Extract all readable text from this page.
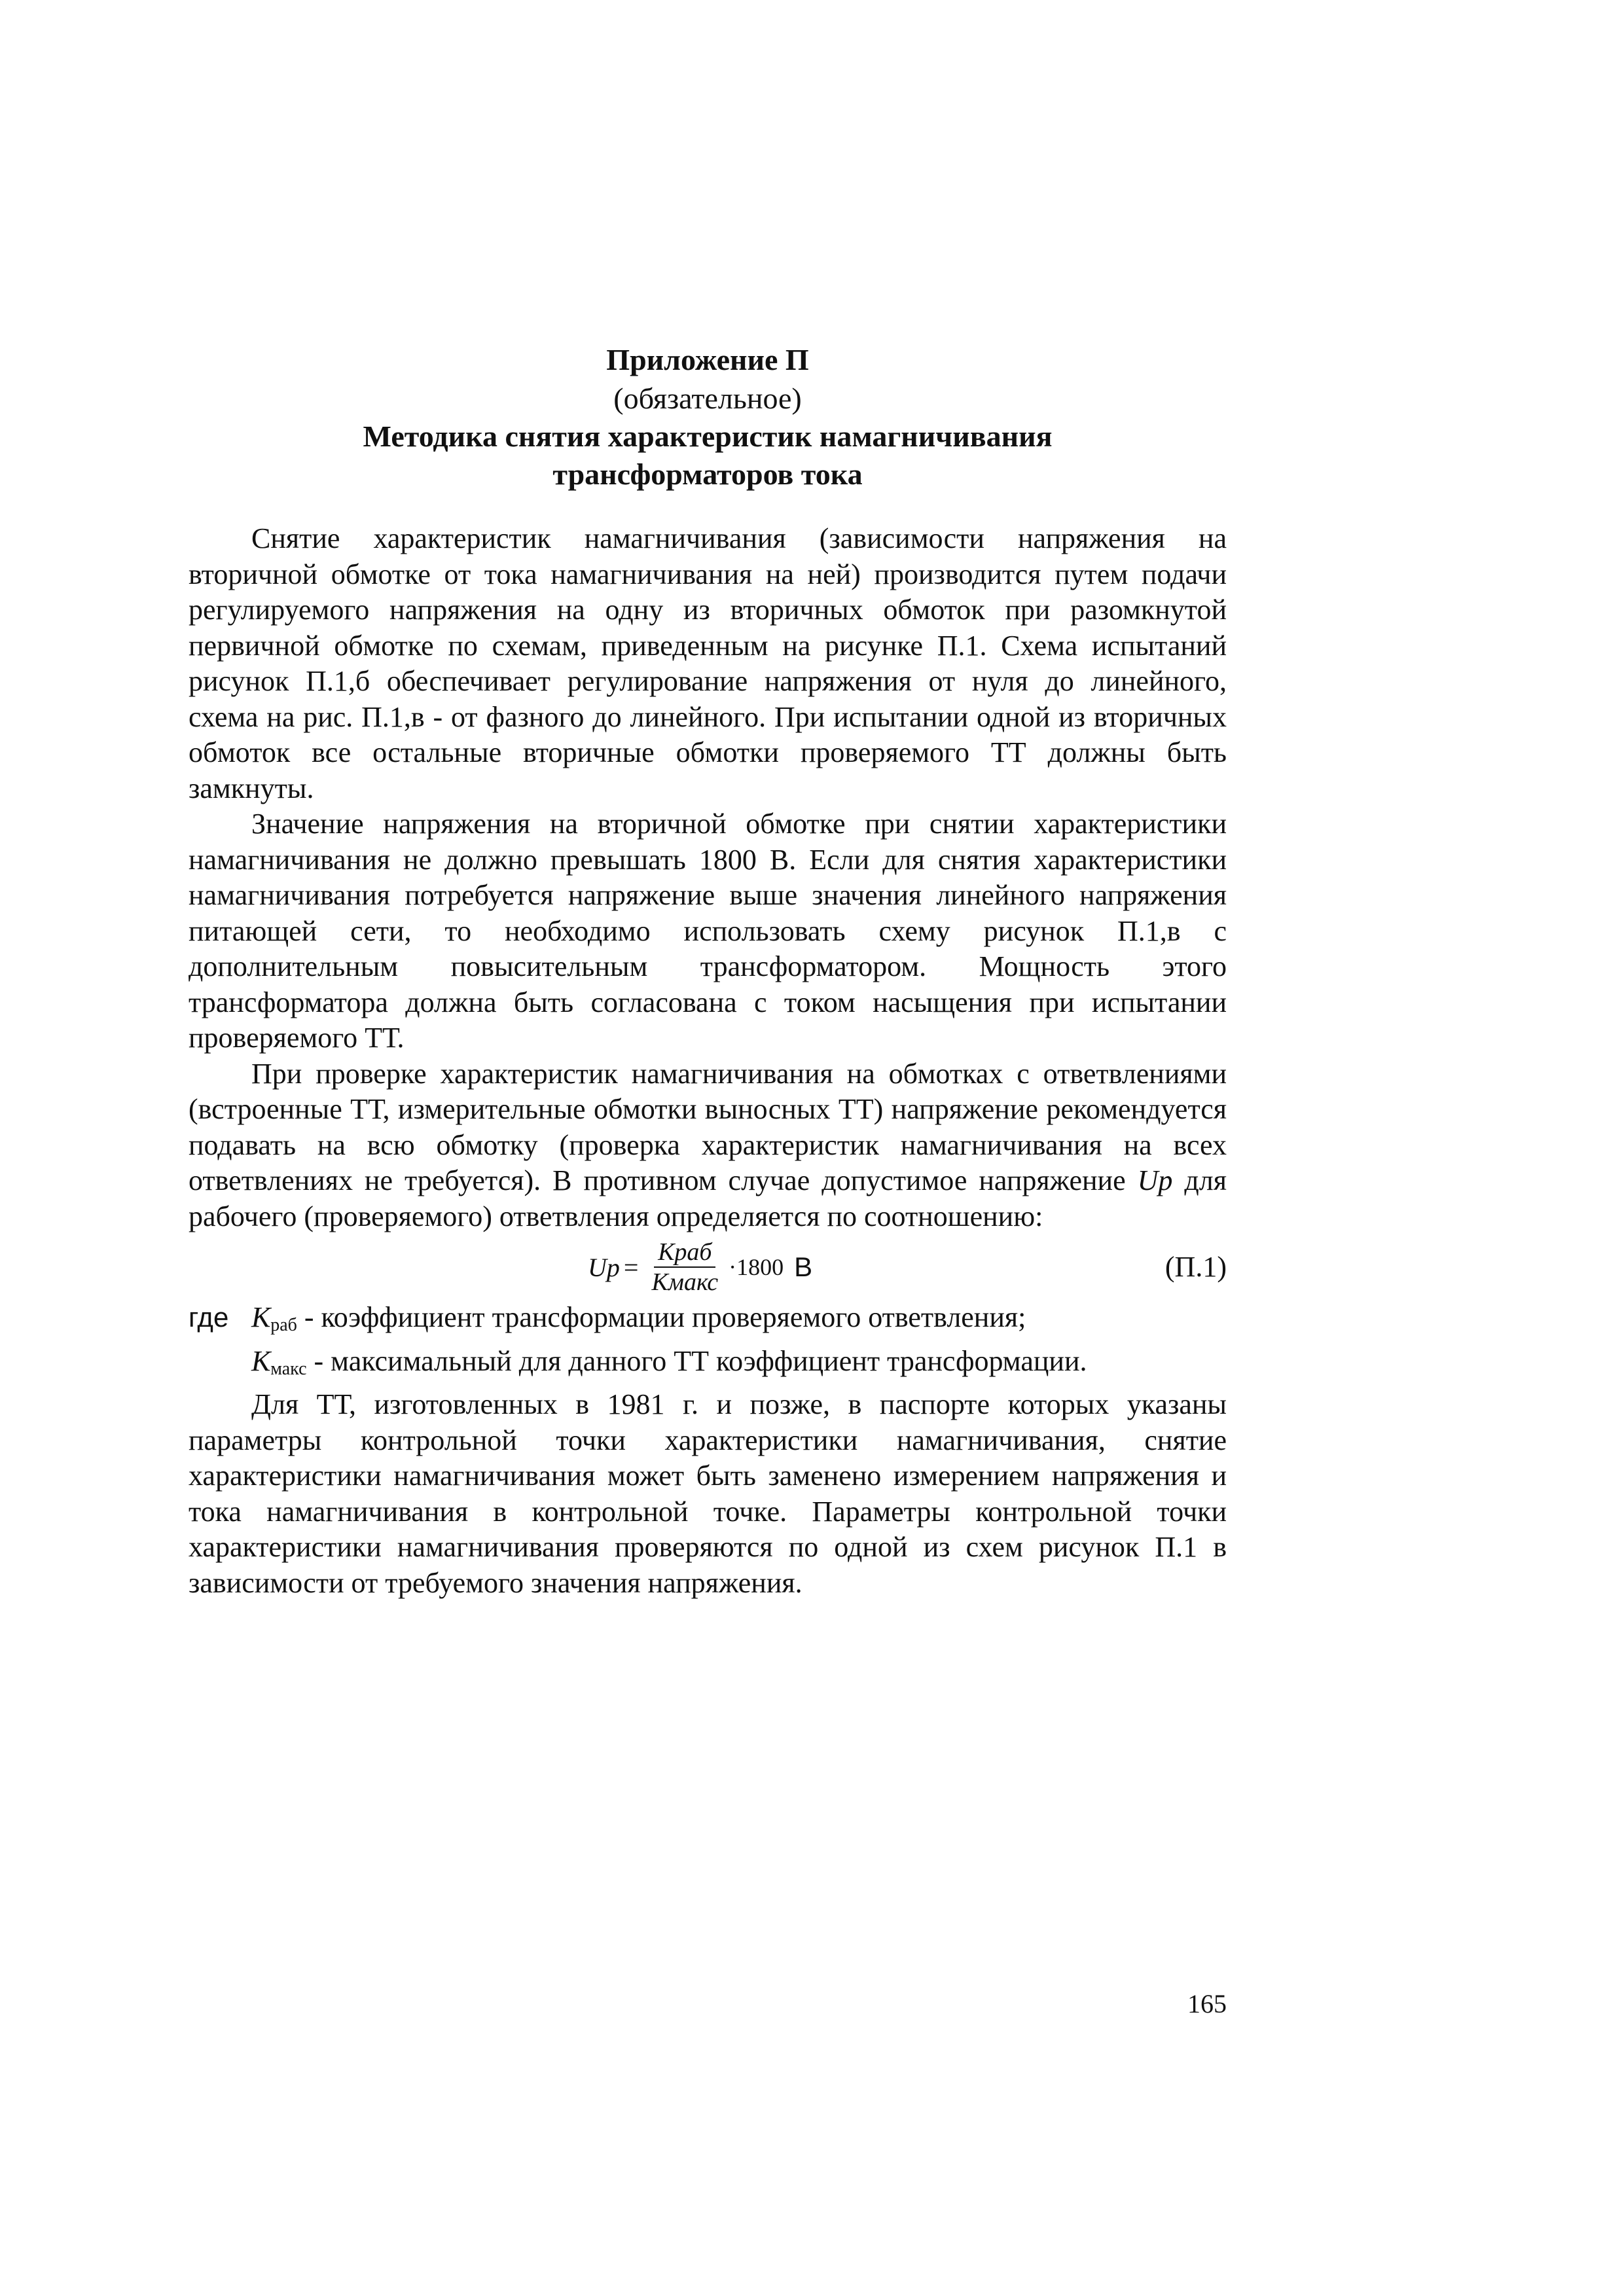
Приложение П

(обязательное)

Методика снятия характеристик намагничивания
трансформаторов тока

Снятие характеристик намагничивания (зависимости напряжения на вторичной обмотке от тока намагничивания на ней) производится путем подачи регулируемого напряжения на одну из вторичных обмоток при разомкнутой первичной обмотке по схемам, приведенным на рисунке П.1. Схема испытаний рисунок П.1,б обеспечивает регулирование напряжения от нуля до линейного, схема на рис. П.1,в - от фазного до линейного. При испытании одной из вторичных обмоток все остальные вторичные обмотки проверяемого ТТ должны быть замкнуты.

Значение напряжения на вторичной обмотке при снятии характеристики намагничивания не должно превышать 1800 В. Если для снятия характеристики намагничивания потребуется напряжение выше значения линейного напряжения питающей сети, то необходимо использовать схему рисунок П.1,в с дополнительным повысительным трансформатором. Мощность этого трансформатора должна быть согласована с током насыщения при испытании проверяемого ТТ.

При проверке характеристик намагничивания на обмотках с ответвлениями (встроенные ТТ, измерительные обмотки выносных ТТ) напряжение рекомендуется подавать на всю обмотку (проверка характеристик намагничивания на всех ответвлениях не требуется). В противном случае допустимое напряжение Up для рабочего (проверяемого) ответвления определяется по соотношению:

$Up = \frac{\text{Краб}}{\text{Кмакс}} \cdot 1800$ В	(П.1)

где $К_{раб}$ - коэффициент трансформации проверяемого ответвления;

$К_{макс}$ - максимальный для данного ТТ коэффициент трансформации.

Для ТТ, изготовленных в 1981 г. и позже, в паспорте которых указаны параметры контрольной точки характеристики намагничивания, снятие характеристики намагничивания может быть заменено измерением напряжения и тока намагничивания в контрольной точке. Параметры контрольной точки характеристики намагничивания проверяются по одной из схем рисунок П.1 в зависимости от требуемого значения напряжения.

165
